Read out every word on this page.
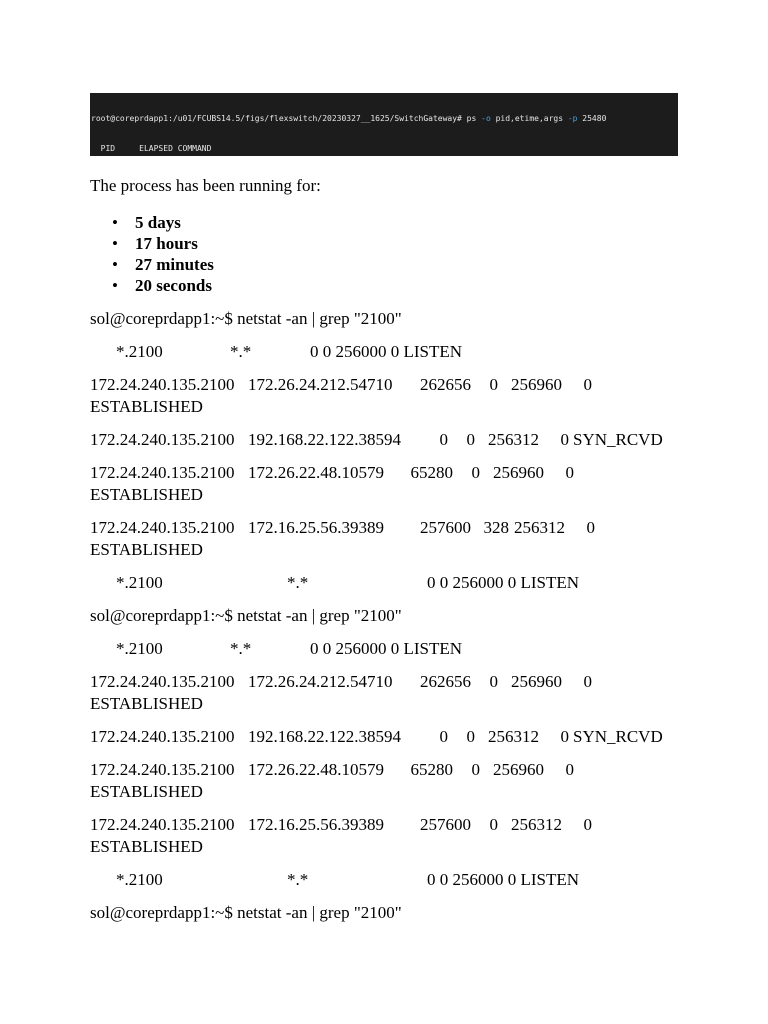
root@coreprdapp1:/u01/FCUBS14.5/figs/flexswitch/20230327__1625/SwitchGateway# ps -o pid,etime,args -p 25480

PID     ELAPSED COMMAND

The process has been running for:

• 5 days
• 17 hours
• 27 minutes
• 20 seconds

sol@coreprdapp1:~$ netstat -an | grep "2100"

*.2100	*.*	0 0 256000 0 LISTEN

172.24.240.135.2100 172.26.24.212.54710 262656 0 256960 0
ESTABLISHED
172.24.240.135.2100 192.168.22.122.38594 0 0 256312 0 SYN_RCVD
172.24.240.135.2100 172.26.22.48.10579 65280 0 256960 0
ESTABLISHED
172.24.240.135.2100 172.16.25.56.39389 257600 328 256312 0
ESTABLISHED

*.2100	*.*	0 0 256000 0 LISTEN

sol@coreprdapp1:~$ netstat -an | grep "2100"

*.2100	*.*	0 0 256000 0 LISTEN

172.24.240.135.2100 172.26.24.212.54710 262656 0 256960 0
ESTABLISHED
172.24.240.135.2100 192.168.22.122.38594 0 0 256312 0 SYN_RCVD
172.24.240.135.2100 172.26.22.48.10579 65280 0 256960 0
ESTABLISHED
172.24.240.135.2100 172.16.25.56.39389 257600 0 256312 0
ESTABLISHED

*.2100	*.*	0 0 256000 0 LISTEN

sol@coreprdapp1:~$ netstat -an | grep "2100"
